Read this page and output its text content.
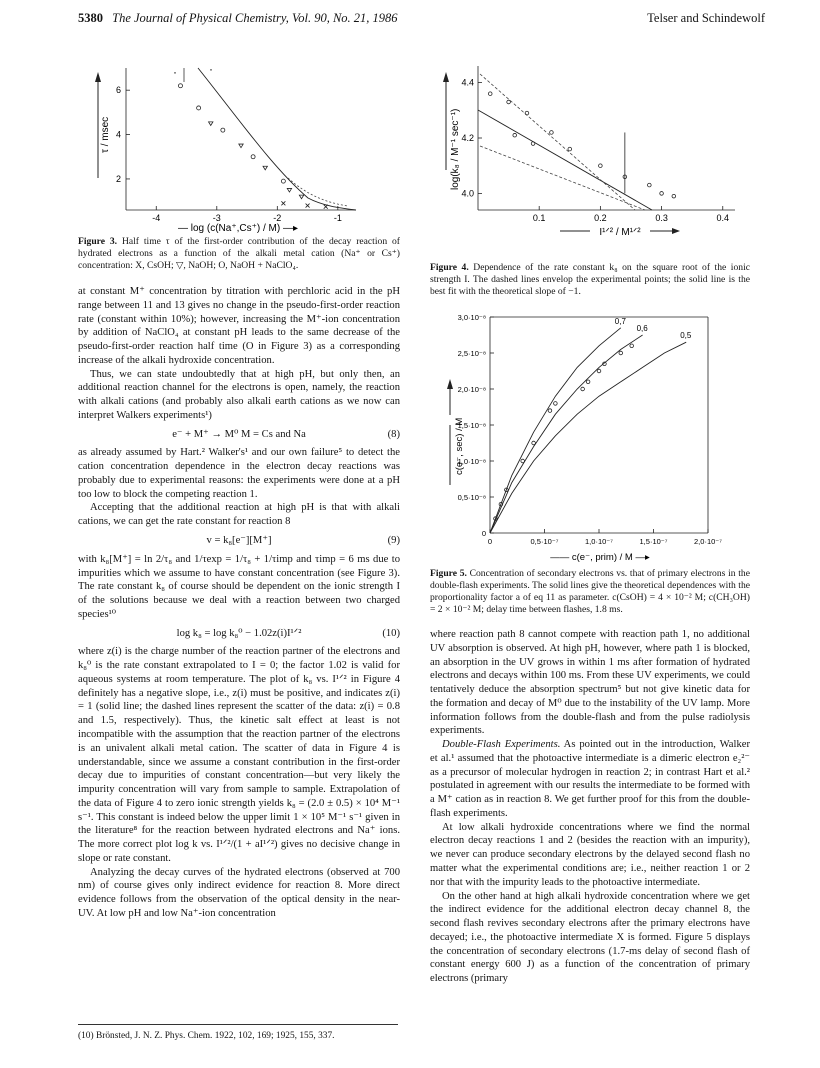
5380 The Journal of Physical Chemistry, Vol. 90, No. 21, 1986	Telser and Schindewolf
τ / msec
6
4
2
-4	-3	-2	-1
·	·
— log (c(Na⁺,Cs⁺) / M) —▸
Figure 3. Half time τ of the first-order contribution of the decay reaction of hydrated electrons as a function of the alkali metal cation (Na⁺ or Cs⁺) concentration: X, CsOH; ▽, NaOH; O, NaOH + NaClO₄.

at constant M⁺ concentration by titration with perchloric acid in the pH range between 11 and 13 gives no change in the pseudo-first-order reaction rate (constant within 10%); however, increasing the M⁺-ion concentration by addition of NaClO₄ at constant pH leads to the same decrease of the pseudo-first-order reaction half time (O in Figure 3) as a corresponding increase of the alkali hydroxide concentration.

Thus, we can state undoubtedly that at high pH, but only then, an additional reaction channel for the electrons is open, namely, the reaction with alkali cations (and probably also alkali earth cations as we now can interpret Walkers experiments¹)

e⁻ + M⁺ → M⁰ M = Cs and Na	(8)

as already assumed by Hart.² Walker's¹ and our own failure⁵ to detect the cation concentration dependence in the electron decay reactions was probably due to experimental reasons: the experiments were done at a pH too low to block the competing reaction 1.

Accepting that the additional reaction at high pH is that with alkali cations, we can get the rate constant for reaction 8

v = k₈[e⁻][M⁺]	(9)

with k₈[M⁺] = ln 2/τ₈ and 1/τexp = 1/τ₈ + 1/τimp and τimp = 6 ms due to impurities which we assume to have constant concentration (see Figure 3). The rate constant k₈ of course should be dependent on the ionic strength I of the solutions because we deal with a reaction between two charged species¹⁰

log k₈ = log k₈⁰ − 1.02z(i)I¹ᐟ²	(10)

where z(i) is the charge number of the reaction partner of the electrons and k₈⁰ is the rate constant extrapolated to I = 0; the factor 1.02 is valid for aqueous systems at room temperature. The plot of k₈ vs. I¹ᐟ² in Figure 4 definitely has a negative slope, i.e., z(i) must be positive, and indicates z(i) = 1 (solid line; the dashed lines represent the scatter of the data: z(i) = 0.8 and 1.5, respectively). Thus, the kinetic salt effect at least is not incompatible with the assumption that the reaction partner of the electrons is an univalent alkali metal cation. The scatter of data in Figure 4 is understandable, since we assume a constant contribution in the first-order decay due to impurities of constant concentration—but very likely the impurity concentration will vary from sample to sample. Extrapolation of the data of Figure 4 to zero ionic strength yields k₈ = (2.0 ± 0.5) × 10⁴ M⁻¹ s⁻¹. This constant is indeed below the upper limit 1 × 10⁵ M⁻¹ s⁻¹ given in the literature⁸ for the reaction between hydrated electrons and Na⁺ ions. The more correct plot log k vs. I¹ᐟ²/(1 + aI¹ᐟ²) gives no decisive change in slope or rate constant.

Analyzing the decay curves of the hydrated electrons (observed at 700 nm) of course gives only indirect evidence for reaction 8. More direct evidence follows from the observation of the optical density in the near-UV. At low pH and low Na⁺-ion concentration

(10) Brönsted, J. N. Z. Phys. Chem. 1922, 102, 169; 1925, 155, 337.
log(k₈ / M⁻¹ sec⁻¹)
4.4
4.2
4.0
0.1	0.2	0.3	0.4
I¹ᐟ² / M¹ᐟ²
Figure 4. Dependence of the rate constant k₈ on the square root of the ionic strength I. The dashed lines envelop the experimental points; the solid line is the best fit with the theoretical slope of −1.
c(e⁻, sec) / M
0
0,5·10⁻⁸
1,0·10⁻⁸
1,5·10⁻⁸
2,0·10⁻⁸
2,5·10⁻⁸
3,0·10⁻⁸
0	0,5·10⁻⁷	1,0·10⁻⁷	1,5·10⁻⁷	2,0·10⁻⁷
0,7
0,6
0,5
—— c(e⁻, prim) / M —▸
Figure 5. Concentration of secondary electrons vs. that of primary electrons in the double-flash experiments. The solid lines give the theoretical dependences with the proportionality factor a of eq 11 as parameter. c(CsOH) = 4 × 10⁻² M; c(CH₃OH) = 2 × 10⁻² M; delay time between flashes, 1.8 ms.

where reaction path 8 cannot compete with reaction path 1, no additional UV absorption is observed. At high pH, however, where path 1 is blocked, an absorption in the UV grows in within 1 ms after formation of hydrated electrons and decays within 100 ms. From these UV experiments, we could tentatively deduce the absorption spectrum⁵ but not give kinetic data for the formation and decay of M⁰ due to the instability of the UV lamp. More information follows from the double-flash and from the pulse radiolysis experiments.

Double-Flash Experiments. As pointed out in the introduction, Walker et al.¹ assumed that the photoactive intermediate is a dimeric electron e₂²⁻ as a precursor of molecular hydrogen in reaction 2; in contrast Hart et al.² postulated in agreement with our results the intermediate to be formed with a M⁺ cation as in reaction 8. We get further proof for this from the double-flash experiments.

At low alkali hydroxide concentrations where we find the normal electron decay reactions 1 and 2 (besides the reaction with an impurity), we never can produce secondary electrons by the delayed second flash no matter what the experimental conditions are; i.e., neither reaction 1 or 2 nor that with the impurity leads to the photoactive intermediate.

On the other hand at high alkali hydroxide concentration where we get the indirect evidence for the additional electron decay channel 8, the second flash revives secondary electrons after the primary electrons have decayed; i.e., the photoactive intermediate X is formed. Figure 5 displays the concentration of secondary electrons (1.7-ms delay of second flash of constant energy 600 J) as a function of the concentration of primary electrons (primary
